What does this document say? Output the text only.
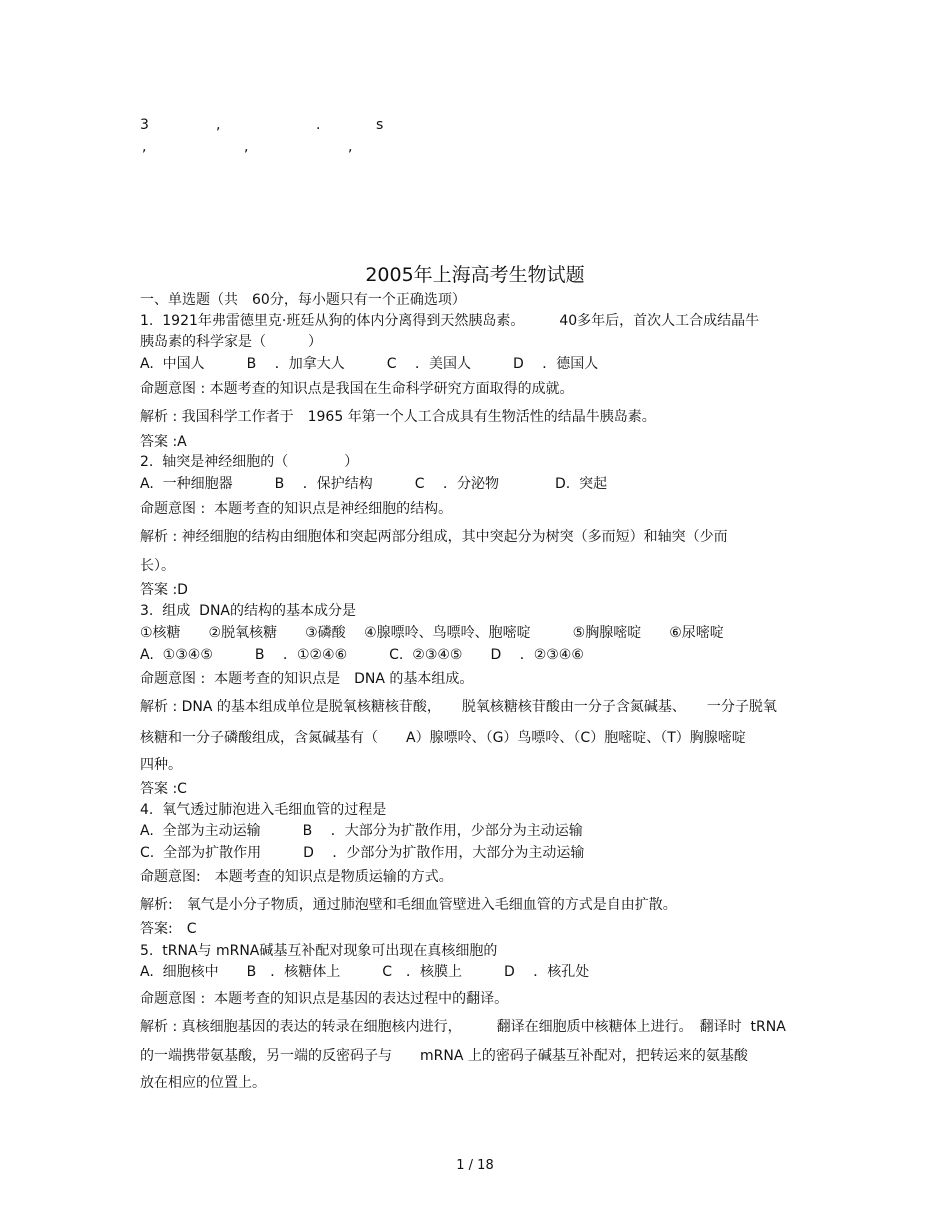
3	,	.	s
,	,	,
2005年上海高考生物试题
一、单选题（共　60分，每小题只有一个正确选项）
1.  1921年弗雷德里克·班廷从狗的体内分离得到天然胰岛素。　　　40多年后，首次人工合成结晶牛
胰岛素的科学家是（　　　）
A.  中国人　　　B　 ．加拿大人　　　C　 ．美国人　　　D　 ．德国人
命题意图 : 本题考查的知识点是我国在生命科学研究方面取得的成就。
解析 : 我国科学工作者于　1965 年第一个人工合成具有生物活性的结晶牛胰岛素。
答案 :A
2.  轴突是神经细胞的（　　　　）
A.  一种细胞器　　　B　 ．保护结构　　　C　 ．分泌物　　　　D.  突起
命题意图 :  本题考查的知识点是神经细胞的结构。
解析 : 神经细胞的结构由细胞体和突起两部分组成，其中突起分为树突（多而短）和轴突（少而
长）。
答案 :D
3.  组成  DNA的结构的基本成分是
①核糖　　②脱氧核糖　　③磷酸　 ④腺嘌呤、鸟嘌呤、胞嘧啶　　　⑤胸腺嘧啶　　⑥尿嘧啶
A.  ①③④⑤　　　B　 ．①②④⑥　　　C.  ②③④⑤　　D　 ．②③④⑥
命题意图 :  本题考查的知识点是　DNA 的基本组成。
解析 : DNA 的基本组成单位是脱氧核糖核苷酸，　　脱氧核糖核苷酸由一分子含氮碱基、　　一分子脱氧
核糖和一分子磷酸组成，含氮碱基有（　　A）腺嘌呤、（G）鸟嘌呤、（C）胞嘧啶、（T）胸腺嘧啶
四种。
答案 :C
4.  氧气透过肺泡进入毛细血管的过程是
A.  全部为主动运输　　　B　 ．大部分为扩散作用，少部分为主动运输
C.  全部为扩散作用　　　D　 ．少部分为扩散作用，大部分为主动运输
命题意图:　本题考查的知识点是物质运输的方式。
解析:　氧气是小分子物质，通过肺泡壁和毛细血管壁进入毛细血管的方式是自由扩散。
答案:　C
5.  tRNA与 mRNA碱基互补配对现象可出现在真核细胞的
A.  细胞核中　　B　．核糖体上　　　C　．核膜上　　　D　 ．核孔处
命题意图 :  本题考查的知识点是基因的表达过程中的翻译。
解析 : 真核细胞基因的表达的转录在细胞核内进行，　　　翻译在细胞质中核糖体上进行。　翻译时  tRNA
的一端携带氨基酸，另一端的反密码子与　　mRNA 上的密码子碱基互补配对，把转运来的氨基酸
放在相应的位置上。
1 / 18
